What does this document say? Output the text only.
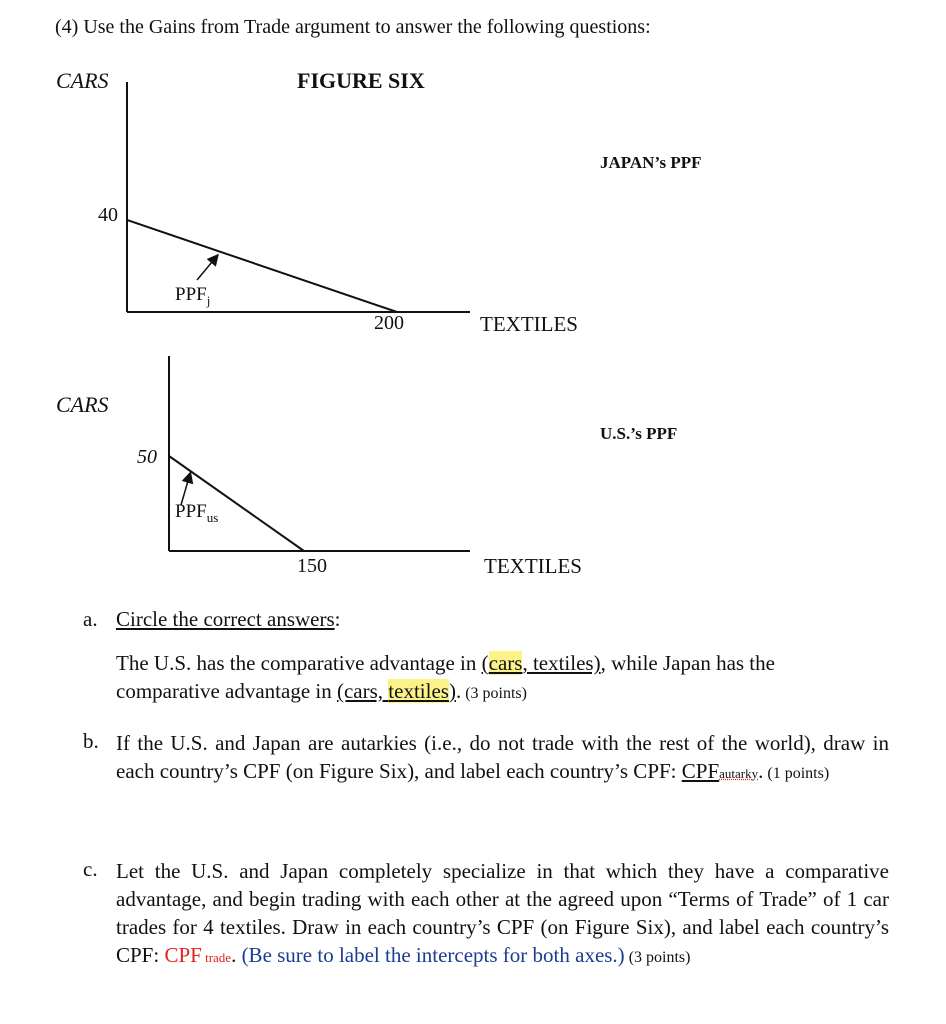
(4) Use the Gains from Trade argument to answer the following questions:
CARS	FIGURE SIX
JAPAN’s PPF
40
$PPF_j$
200	TEXTILES
CARS
U.S.’s PPF
50
$PPF_{us}$
150	TEXTILES
a. Circle the correct answers:
The U.S. has the comparative advantage in (cars, textiles), while Japan has the
comparative advantage in (cars, textiles). (3 points)
b. If the U.S. and Japan are autarkies (i.e., do not trade with the rest of the world), draw in each country’s CPF (on Figure Six), and label each country’s CPF: CPFautarky. (1 points)
c. Let the U.S. and Japan completely specialize in that which they have a comparative advantage, and begin trading with each other at the agreed upon “Terms of Trade” of 1 car trades for 4 textiles. Draw in each country’s CPF (on Figure Six), and label each country’s CPF: CPF trade. (Be sure to label the intercepts for both axes.) (3 points)
